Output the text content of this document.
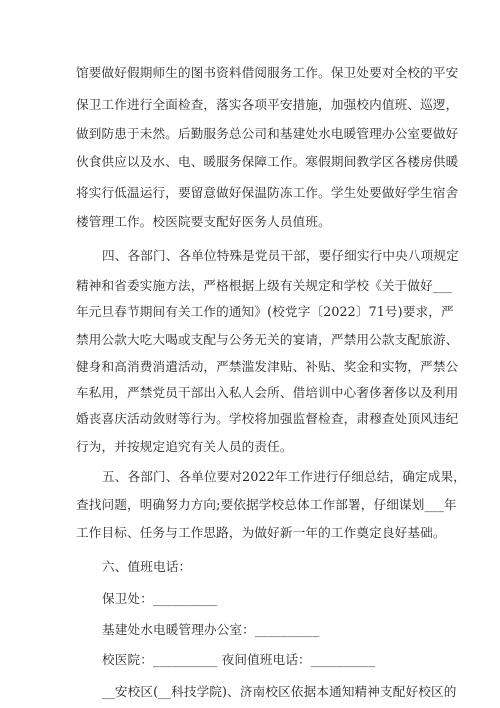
馆要做好假期师生的图书资料借阅服务工作。保卫处要对全校的平安
保卫工作进行全面检查，落实各项平安措施，加强校内值班、巡逻，
做到防患于未然。后勤服务总公司和基建处水电暖管理办公室要做好
伙食供应以及水、电、暖服务保障工作。寒假期间教学区各楼房供暖
将实行低温运行，要留意做好保温防冻工作。学生处要做好学生宿舍
楼管理工作。校医院要支配好医务人员值班。
四、各部门、各单位特殊是党员干部，要仔细实行中央八项规定
精神和省委实施方法，严格根据上级有关规定和学校《关于做好___
年元旦春节期间有关工作的通知》(校党字〔2022〕71号)要求，严
禁用公款大吃大喝或支配与公务无关的宴请，严禁用公款支配旅游、
健身和高消费消遣活动，严禁滥发津贴、补贴、奖金和实物，严禁公
车私用，严禁党员干部出入私人会所、借培训中心奢侈奢侈以及利用
婚丧喜庆活动敛财等行为。学校将加强监督检查，肃穆查处顶风违纪
行为，并按规定追究有关人员的责任。
五、各部门、各单位要对2022年工作进行仔细总结，确定成果，
查找问题，明确努力方向;要依据学校总体工作部署，仔细谋划___年
工作目标、任务与工作思路，为做好新一年的工作奠定良好基础。
六、值班电话：
保卫处：__________
基建处水电暖管理办公室：__________
校医院：__________ 夜间值班电话：__________
__安校区(__科技学院)、济南校区依据本通知精神支配好校区的
